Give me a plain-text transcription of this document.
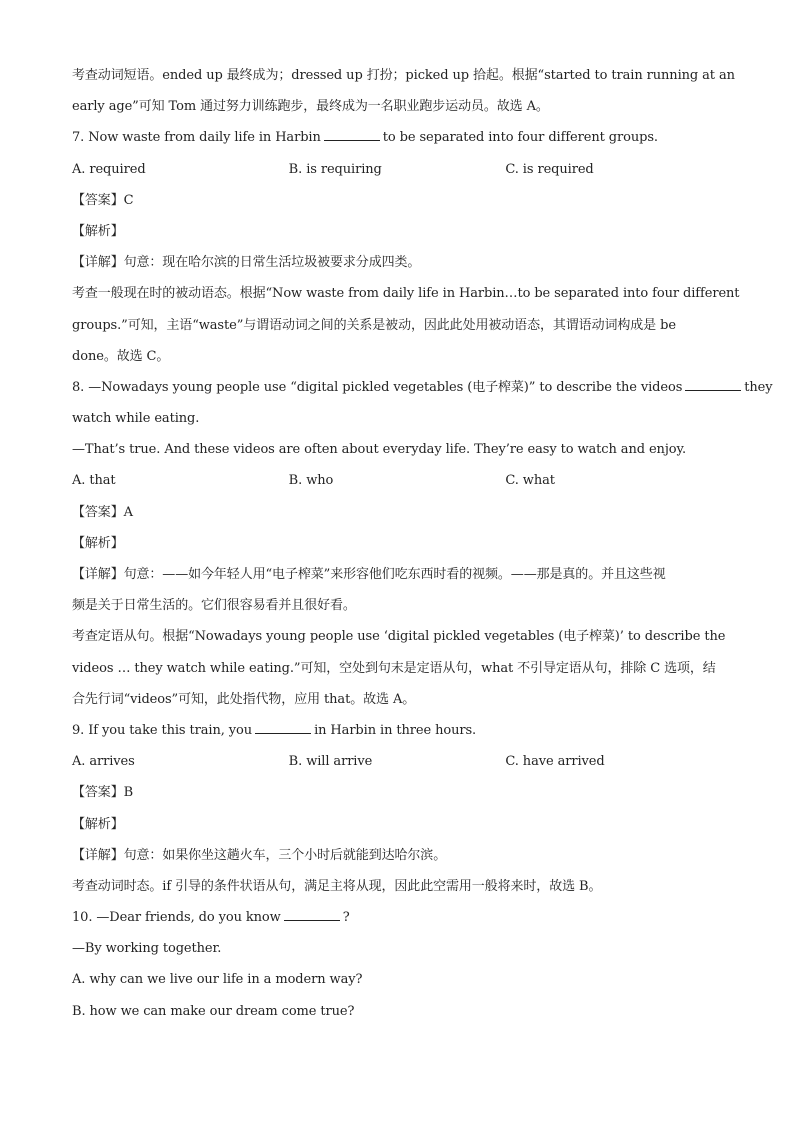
考查动词短语。ended up 最终成为；dressed up 打扮；picked up 拾起。根据“started to train running at an
early age”可知 Tom 通过努力训练跑步，最终成为一名职业跑步运动员。故选 A。
7. Now waste from daily life in Harbin	to be separated into four different groups.
A. required	B. is requiring	C. is required
【答案】C
【解析】
【详解】句意：现在哈尔滨的日常生活垃圾被要求分成四类。
考查一般现在时的被动语态。根据“Now waste from daily life in Harbin…to be separated into four different
groups.”可知，主语“waste”与谓语动词之间的关系是被动，因此此处用被动语态，其谓语动词构成是 be
done。故选 C。
8. —Nowadays young people use “digital pickled vegetables (电子榨菜)” to describe the videos	they
watch while eating.
—That’s true. And these videos are often about everyday life. They’re easy to watch and enjoy.
A. that	B. who	C. what
【答案】A
【解析】
【详解】句意：——如今年轻人用“电子榨菜”来形容他们吃东西时看的视频。——那是真的。并且这些视
频是关于日常生活的。它们很容易看并且很好看。
考查定语从句。根据“Nowadays young people use ‘digital pickled vegetables (电子榨菜)’ to describe the
videos … they watch while eating.”可知，空处到句末是定语从句，what 不引导定语从句，排除 C 选项，结
合先行词“videos”可知，此处指代物，应用 that。故选 A。
9. If you take this train, you	in Harbin in three hours.
A. arrives	B. will arrive	C. have arrived
【答案】B
【解析】
【详解】句意：如果你坐这趟火车，三个小时后就能到达哈尔滨。
考查动词时态。if 引导的条件状语从句，满足主将从现，因此此空需用一般将来时，故选 B。
10. —Dear friends, do you know	?
—By working together.
A. why can we live our life in a modern way?
B. how we can make our dream come true?
